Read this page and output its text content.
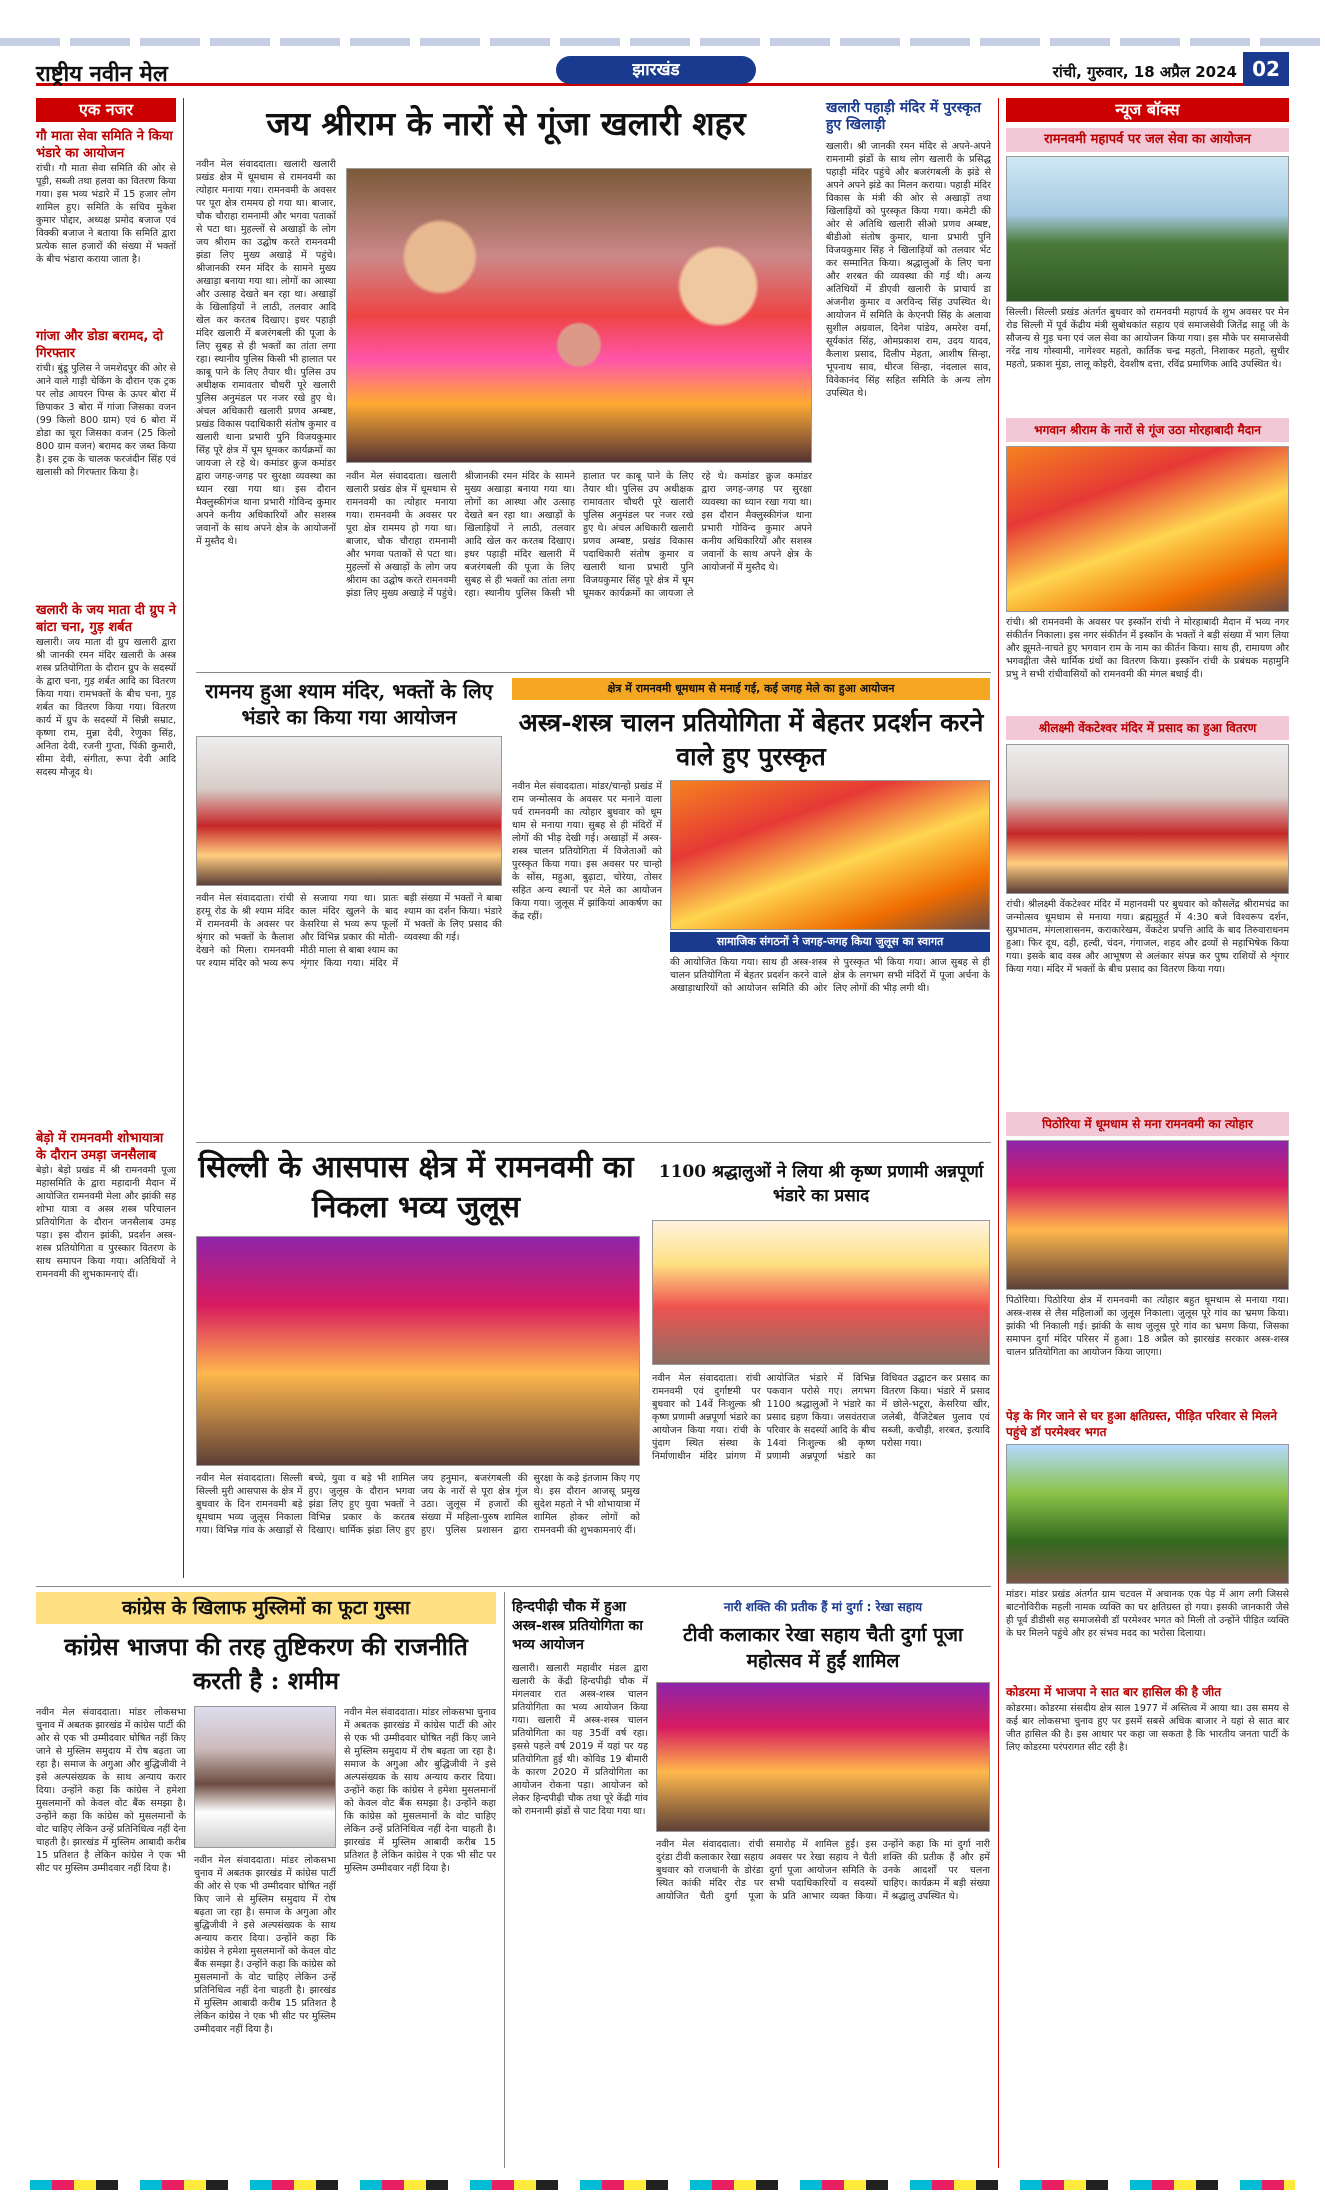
राष्ट्रीय नवीन मेल	झारखंड	रांची, गुरुवार, 18 अप्रैल 2024 02
एक नजर
गौ माता सेवा समिति ने किया भंडारे का आयोजन
रांची। गौ माता सेवा समिति की ओर से पूड़ी, सब्जी तथा हलवा का वितरण किया गया। इस भव्य भंडारे में 15 हजार लोग शामिल हुए। समिति के सचिव मुकेश कुमार पोद्दार, अध्यक्ष प्रमोद बजाज एवं विक्की बजाज ने बताया कि समिति द्वारा प्रत्येक साल हजारों की संख्या में भक्तों के बीच भंडारा कराया जाता है।
गांजा और डोडा बरामद, दो गिरफ्तार
रांची। बुंडू पुलिस ने जमशेदपुर की ओर से आने वाले गाड़ी चेकिंग के दौरान एक ट्रक पर लोड आयरन पिग्स के ऊपर बोरा में छिपाकर 3 बोरा में गांजा जिसका वजन (99 किलो 800 ग्राम) एवं 6 बोरा में डोडा का चूरा जिसका वजन (25 किलो 800 ग्राम वजन) बरामद कर जब्त किया है। इस ट्रक के चालक फरजंदीन सिंह एवं खलासी को गिरफ्तार किया है।
खलारी के जय माता दी ग्रुप ने बांटा चना, गुड़ शर्बत
खलारी। जय माता दी ग्रुप खलारी द्वारा श्री जानकी रमन मंदिर खलारी के अस्त्र शस्त्र प्रतियोगिता के दौरान ग्रुप के सदस्यों के द्वारा चना, गुड़ शर्बत आदि का वितरण किया गया। रामभक्तों के बीच चना, गुड़ शर्बत का वितरण किया गया। वितरण कार्य में ग्रुप के सदस्यों में सिन्नी सम्राट, कृष्णा राम, मुन्ना देवी, रेणुका सिंह, अनिता देवी, रजनी गुप्ता, पिंकी कुमारी, सीमा देवी, संगीता, रूपा देवी आदि सदस्य मौजूद थे।
बेड़ो में रामनवमी शोभायात्रा के दौरान उमड़ा जनसैलाब
बेड़ो। बेड़ो प्रखंड में श्री रामनवमी पूजा महासमिति के द्वारा महादानी मैदान में आयोजित रामनवमी मेला और झांकी सह शोभा यात्रा व अस्त्र शस्त्र परिचालन प्रतियोगिता के दौरान जनसैलाब उमड़ पड़ा। इस दौरान झांकी, प्रदर्शन अस्त्र-शस्त्र प्रतियोगिता व पुरस्कार वितरण के साथ समापन किया गया। अतिथियों ने रामनवमी की शुभकामनाएं दीं।
जय श्रीराम के नारों से गूंजा खलारी शहर
नवीन मेल संवाददाता। खलारी खलारी प्रखंड क्षेत्र में धूमधाम से रामनवमी का त्योहार मनाया गया। रामनवमी के अवसर पर पूरा क्षेत्र राममय हो गया था। बाजार, चौक चौराहा रामनामी और भगवा पताकों से पटा था। मुहल्लों से अखाड़ों के लोग जय श्रीराम का उद्घोष करते रामनवमी झंडा लिए मुख्य अखाड़े में पहुंचे। श्रीजानकी रमन मंदिर के सामने मुख्य अखाड़ा बनाया गया था। लोगों का आस्था और उत्साह देखते बन रहा था। अखाड़ों के खिलाड़ियों ने लाठी, तलवार आदि खेल कर करतब दिखाए। इधर पहाड़ी मंदिर खलारी में बजरंगबली की पूजा के लिए सुबह से ही भक्तों का तांता लगा रहा। स्थानीय पुलिस किसी भी हालात पर काबू पाने के लिए तैयार थी। पुलिस उप अधीक्षक रामावतार चौधरी पूरे खलारी पुलिस अनुमंडल पर नजर रखे हुए थे। अंचल अधिकारी खलारी प्रणव अम्बष्ट, प्रखंड विकास पदाधिकारी संतोष कुमार व खलारी थाना प्रभारी पुनि विजयकुमार सिंह पूरे क्षेत्र में घूम घूमकर कार्यक्रमों का जायजा ले रहे थे। कमांडर क्रुज कमांडर द्वारा जगह-जगह पर सुरक्षा व्यवस्था का ध्यान रखा गया था। इस दौरान मैक्लुस्कीगंज थाना प्रभारी गोविन्द कुमार अपने कनीय अधिकारियों और सशस्त्र जवानों के साथ अपने क्षेत्र के आयोजनों में मुस्तैद थे।
नवीन मेल संवाददाता। खलारी खलारी प्रखंड क्षेत्र में धूमधाम से रामनवमी का त्योहार मनाया गया। रामनवमी के अवसर पर पूरा क्षेत्र राममय हो गया था। बाजार, चौक चौराहा रामनामी और भगवा पताकों से पटा था। मुहल्लों से अखाड़ों के लोग जय श्रीराम का उद्घोष करते रामनवमी झंडा लिए मुख्य अखाड़े में पहुंचे। श्रीजानकी रमन मंदिर के सामने मुख्य अखाड़ा बनाया गया था। लोगों का आस्था और उत्साह देखते बन रहा था। अखाड़ों के खिलाड़ियों ने लाठी, तलवार आदि खेल कर करतब दिखाए। इधर पहाड़ी मंदिर खलारी में बजरंगबली की पूजा के लिए सुबह से ही भक्तों का तांता लगा रहा। स्थानीय पुलिस किसी भी हालात पर काबू पाने के लिए तैयार थी। पुलिस उप अधीक्षक रामावतार चौधरी पूरे खलारी पुलिस अनुमंडल पर नजर रखे हुए थे। अंचल अधिकारी खलारी प्रणव अम्बष्ट, प्रखंड विकास पदाधिकारी संतोष कुमार व खलारी थाना प्रभारी पुनि विजयकुमार सिंह पूरे क्षेत्र में घूम घूमकर कार्यक्रमों का जायजा ले रहे थे। कमांडर क्रुज कमांडर द्वारा जगह-जगह पर सुरक्षा व्यवस्था का ध्यान रखा गया था। इस दौरान मैक्लुस्कीगंज थाना प्रभारी गोविन्द कुमार अपने कनीय अधिकारियों और सशस्त्र जवानों के साथ अपने क्षेत्र के आयोजनों में मुस्तैद थे।
खलारी पहाड़ी मंदिर में पुरस्कृत हुए खिलाड़ी
खलारी। श्री जानकी रमन मंदिर से अपने-अपने रामनामी झंडों के साथ लोग खलारी के प्रसिद्ध पहाड़ी मंदिर पहुंचे और बजरंगबली के झंडे से अपने अपने झंडे का मिलन कराया। पहाड़ी मंदिर विकास के मंत्री की ओर से अखाड़ों तथा खिलाड़ियों को पुरस्कृत किया गया। कमेटी की ओर से अतिथि खलारी सीओ प्रणव अम्बष्ट, बीडीओ संतोष कुमार, थाना प्रभारी पुनि विजयकुमार सिंह ने खिलाड़ियों को तलवार भेंट कर सम्मानित किया। श्रद्धालुओं के लिए चना और शरबत की व्यवस्था की गई थी। अन्य अतिथियों में डीएवी खलारी के प्राचार्य डा अंजनीश कुमार व अरविन्द सिंह उपस्थित थे। आयोजन में समिति के केएनपी सिंह के अलावा सुशील अग्रवाल, दिनेश पांडेय, अमरेश वर्मा, सूर्यकांत सिंह, ओमप्रकाश राम, उदय यादव, कैलाश प्रसाद, दिलीप मेहता, आशीष सिन्हा, भूपनाथ साव, धीरज सिन्हा, नंदलाल साव, विवेकानंद सिंह सहित समिति के अन्य लोग उपस्थित थे।
रामनय हुआ श्याम मंदिर, भक्तों के लिए भंडारे का किया गया आयोजन
नवीन मेल संवाददाता। रांची हरमू रोड के श्री श्याम मंदिर में रामनवमी के अवसर पर श्रृंगार को भक्तों के कैलाश देखने को मिला। रामनवमी पर श्याम मंदिर को भव्य रूप से सजाया गया था। प्रातः काल मंदिर खुलने के बाद केसरिया से भव्य रूप फूलों और विभिन्न प्रकार की मोती-मीठी माला से बाबा श्याम का शृंगार किया गया। मंदिर में बड़ी संख्या में भक्तों ने बाबा श्याम का दर्शन किया। भंडारे में भक्तों के लिए प्रसाद की व्यवस्था की गई।
क्षेत्र में रामनवमी धूमधाम से मनाई गई, कई जगह मेले का हुआ आयोजन
अस्त्र-शस्त्र चालन प्रतियोगिता में बेहतर प्रदर्शन करने वाले हुए पुरस्कृत
नवीन मेल संवाददाता। मांडर/चान्हो प्रखंड में राम जन्मोत्सव के अवसर पर मनाने वाला पर्व रामनवमी का त्योहार बुधवार को धूम धाम से मनाया गया। सुबह से ही मंदिरों में लोगों की भीड़ देखी गई। अखाड़ों में अस्त्र-शस्त्र चालन प्रतियोगिता में विजेताओं को पुरस्कृत किया गया। इस अवसर पर चान्हो के सोंस, महुआ, बुढ़ाटा, चोरेया, तोसर सहित अन्य स्थानों पर मेले का आयोजन किया गया। जुलूस में झांकियां आकर्षण का केंद्र रहीं।
सामाजिक संगठनों ने जगह-जगह किया जुलूस का स्वागत
की आयोजित किया गया। साथ ही अस्त्र-शस्त्र चालन प्रतियोगिता में बेहतर प्रदर्शन करने वाले अखाड़ाधारियों को आयोजन समिति की ओर से पुरस्कृत भी किया गया। आज सुबह से ही क्षेत्र के लगभग सभी मंदिरों में पूजा अर्चना के लिए लोगों की भीड़ लगी थी।
सिल्ली के आसपास क्षेत्र में रामनवमी का निकला भव्य जुलूस
नवीन मेल संवाददाता। सिल्ली सिल्ली मुरी आसपास के क्षेत्र में बुधवार के दिन रामनवमी बड़े धूमधाम भव्य जुलूस निकाला गया। विभिन्न गांव के अखाड़ों से बच्चे, युवा व बड़े भी शामिल हुए। जुलूस के दौरान भगवा झंडा लिए हुए युवा भक्तों ने विभिन्न प्रकार के करतब दिखाए। धार्मिक झंडा लिए हुए जय हनुमान, बजरंगबली की जय के नारों से पूरा क्षेत्र गूंज उठा। जुलूस में हजारों की संख्या में महिला-पुरुष शामिल हुए। पुलिस प्रशासन द्वारा सुरक्षा के कड़े इंतजाम किए गए थे। इस दौरान आजसू प्रमुख सुदेश महतो ने भी शोभायात्रा में शामिल होकर लोगों को रामनवमी की शुभकामनाएं दीं।
1100 श्रद्धालुओं ने लिया श्री कृष्ण प्रणामी अन्नपूर्णा भंडारे का प्रसाद
नवीन मेल संवाददाता। रांची रामनवमी एवं दुर्गाष्टमी पर बुधवार को 14वें निःशुल्क श्री कृष्ण प्रणामी अन्नपूर्णा भंडारे का आयोजन किया गया। रांची के पुंदाग स्थित संस्था के निर्माणाधीन मंदिर प्रांगण में आयोजित भंडारे में विभिन्न पकवान परोसे गए। लगभग 1100 श्रद्धालुओं ने भंडारे का प्रसाद ग्रहण किया। जसवंतराज परिवार के सदस्यों आदि के बीच 14वां निःशुल्क श्री कृष्ण प्रणामी अन्नपूर्णा भंडारे का विधिवत उद्घाटन कर प्रसाद का वितरण किया। भंडारे में प्रसाद में छोले-भटूरा, केसरिया खीर, जलेबी, वैजिटेबल पुलाव एवं सब्जी, कचौड़ी, शरबत, इत्यादि परोसा गया।
कांग्रेस के खिलाफ मुस्लिमों का फूटा गुस्सा
कांग्रेस भाजपा की तरह तुष्टिकरण की राजनीति करती है : शमीम
नवीन मेल संवाददाता। मांडर लोकसभा चुनाव में अबतक झारखंड में कांग्रेस पार्टी की ओर से एक भी उम्मीदवार घोषित नहीं किए जाने से मुस्लिम समुदाय में रोष बढ़ता जा रहा है। समाज के अगुआ और बुद्धिजीवी ने इसे अल्पसंख्यक के साथ अन्याय करार दिया। उन्होंने कहा कि कांग्रेस ने हमेशा मुसलमानों को केवल वोट बैंक समझा है। उन्होंने कहा कि कांग्रेस को मुसलमानों के वोट चाहिए लेकिन उन्हें प्रतिनिधित्व नहीं देना चाहती है। झारखंड में मुस्लिम आबादी करीब 15 प्रतिशत है लेकिन कांग्रेस ने एक भी सीट पर मुस्लिम उम्मीदवार नहीं दिया है।
नवीन मेल संवाददाता। मांडर लोकसभा चुनाव में अबतक झारखंड में कांग्रेस पार्टी की ओर से एक भी उम्मीदवार घोषित नहीं किए जाने से मुस्लिम समुदाय में रोष बढ़ता जा रहा है। समाज के अगुआ और बुद्धिजीवी ने इसे अल्पसंख्यक के साथ अन्याय करार दिया। उन्होंने कहा कि कांग्रेस ने हमेशा मुसलमानों को केवल वोट बैंक समझा है। उन्होंने कहा कि कांग्रेस को मुसलमानों के वोट चाहिए लेकिन उन्हें प्रतिनिधित्व नहीं देना चाहती है। झारखंड में मुस्लिम आबादी करीब 15 प्रतिशत है लेकिन कांग्रेस ने एक भी सीट पर मुस्लिम उम्मीदवार नहीं दिया है।
नवीन मेल संवाददाता। मांडर लोकसभा चुनाव में अबतक झारखंड में कांग्रेस पार्टी की ओर से एक भी उम्मीदवार घोषित नहीं किए जाने से मुस्लिम समुदाय में रोष बढ़ता जा रहा है। समाज के अगुआ और बुद्धिजीवी ने इसे अल्पसंख्यक के साथ अन्याय करार दिया। उन्होंने कहा कि कांग्रेस ने हमेशा मुसलमानों को केवल वोट बैंक समझा है। उन्होंने कहा कि कांग्रेस को मुसलमानों के वोट चाहिए लेकिन उन्हें प्रतिनिधित्व नहीं देना चाहती है। झारखंड में मुस्लिम आबादी करीब 15 प्रतिशत है लेकिन कांग्रेस ने एक भी सीट पर मुस्लिम उम्मीदवार नहीं दिया है।
हिन्दपीढ़ी चौक में हुआ अस्त्र-शस्त्र प्रतियोगिता का भव्य आयोजन
खलारी। खलारी महावीर मंडल द्वारा खलारी के केंद्री हिन्दपीढ़ी चौक में मंगलवार रात अस्त्र-शस्त्र चालन प्रतियोगिता का भव्य आयोजन किया गया। खलारी में अस्त्र-शस्त्र चालन प्रतियोगिता का यह 35वीं वर्ष रहा। इससे पहले वर्ष 2019 में यहां पर यह प्रतियोगिता हुई थी। कोविड 19 बीमारी के कारण 2020 में प्रतियोगिता का आयोजन रोकना पड़ा। आयोजन को लेकर हिन्दपीढ़ी चौक तथा पूरे केंद्री गांव को रामनामी झंडों से पाट दिया गया था।
नारी शक्ति की प्रतीक हैं मां दुर्गा : रेखा सहाय
टीवी कलाकार रेखा सहाय चैती दुर्गा पूजा महोत्सव में हुईं शामिल
नवीन मेल संवाददाता। रांची दुरंडा टीवी कलाकार रेखा सहाय बुधवार को राजधानी के डोरंडा स्थित कांकी मंदिर रोड पर आयोजित चैती दुर्गा पूजा समारोह में शामिल हुईं। इस अवसर पर रेखा सहाय ने चैती दुर्गा पूजा आयोजन समिति के सभी पदाधिकारियों व सदस्यों के प्रति आभार व्यक्त किया। उन्होंने कहा कि मां दुर्गा नारी शक्ति की प्रतीक हैं और हमें उनके आदर्शों पर चलना चाहिए। कार्यक्रम में बड़ी संख्या में श्रद्धालु उपस्थित थे।
न्यूज बॉक्स
रामनवमी महापर्व पर जल सेवा का आयोजन
सिल्ली। सिल्ली प्रखंड अंतर्गत बुधवार को रामनवमी महापर्व के शुभ अवसर पर मेन रोड सिल्ली में पूर्व केंद्रीय मंत्री सुबोधकांत सहाय एवं समाजसेवी जितेंद्र साहू जी के सौजन्य से गुड़ चना एवं जल सेवा का आयोजन किया गया। इस मौके पर समाजसेवी नरेंद्र नाथ गोस्वामी, नागेश्वर महतो, कार्तिक चन्द्र महतो, निशाकर महतो, सुधीर महतो, प्रकाश मुंडा, लालू कोइरी, देवशीष दत्ता, रविंद्र प्रमाणिक आदि उपस्थित थे।
भगवान श्रीराम के नारों से गूंज उठा मोरहाबादी मैदान
रांची। श्री रामनवमी के अवसर पर इस्कॉन रांची ने मोरहाबादी मैदान में भव्य नगर संकीर्तन निकाला। इस नगर संकीर्तन में इस्कॉन के भक्तों ने बड़ी संख्या में भाग लिया और झूमते-नाचते हुए भगवान राम के नाम का कीर्तन किया। साथ ही, रामायण और भगवद्गीता जैसे धार्मिक ग्रंथों का वितरण किया। इस्कॉन रांची के प्रबंधक महामुनि प्रभु ने सभी रांचीवासियों को रामनवमी की मंगल बधाई दी।
श्रीलक्ष्मी वेंकटेश्वर मंदिर में प्रसाद का हुआ वितरण
रांची। श्रीलक्ष्मी वेंकटेश्वर मंदिर में महानवमी पर बुधवार को कौसलेंद्र श्रीरामचंद्र का जन्मोत्सव धूमधाम से मनाया गया। ब्रह्ममुहूर्त में 4:30 बजे विश्वरूप दर्शन, सुप्रभातम, मंगलाशासनम, कराकारेखम, वेंकटेश प्रपत्ति आदि के बाद तिरुवाराधनम हुआ। फिर दूध, दही, हल्दी, चंदन, गंगाजल, शहद और द्रव्यों से महाभिषेक किया गया। इसके बाद वस्त्र और आभूषण से अलंकार संपन्न कर पुष्प राशियों से शृंगार किया गया। मंदिर में भक्तों के बीच प्रसाद का वितरण किया गया।
पिठोरिया में धूमधाम से मना रामनवमी का त्योहार
पिठोरिया। पिठोरिया क्षेत्र में रामनवमी का त्योहार बहुत धूमधाम से मनाया गया। अस्त्र-शस्त्र से लैस महिलाओं का जुलूस निकाला। जुलूस पूरे गांव का भ्रमण किया। झांकी भी निकाली गई। झांकी के साथ जुलूस पूरे गांव का भ्रमण किया, जिसका समापन दुर्गा मंदिर परिसर में हुआ। 18 अप्रैल को झारखंड सरकार अस्त्र-शस्त्र चालन प्रतियोगिता का आयोजन किया जाएगा।
पेड़ के गिर जाने से घर हुआ क्षतिग्रस्त, पीड़ित परिवार से मिलने पहुंचे डॉ परमेश्वर भगत
मांडर। मांडर प्रखंड अंतर्गत ग्राम चटवल में अचानक एक पेड़ में आग लगी जिससे बाटनोविरीक महली नामक व्यक्ति का घर क्षतिग्रस्त हो गया। इसकी जानकारी जैसे ही पूर्व डीडीसी सह समाजसेवी डॉ परमेश्वर भगत को मिली तो उन्होंने पीड़ित व्यक्ति के घर मिलने पहुंचे और हर संभव मदद का भरोसा दिलाया।
कोडरमा में भाजपा ने सात बार हासिल की है जीत
कोडरमा। कोडरमा संसदीय क्षेत्र साल 1977 में अस्तित्व में आया था। उस समय से कई बार लोकसभा चुनाव हुए पर इसमें सबसे अधिक बाजार ने यहां से सात बार जीत हासिल की है। इस आधार पर कहा जा सकता है कि भारतीय जनता पार्टी के लिए कोडरमा परंपरागत सीट रही है।
